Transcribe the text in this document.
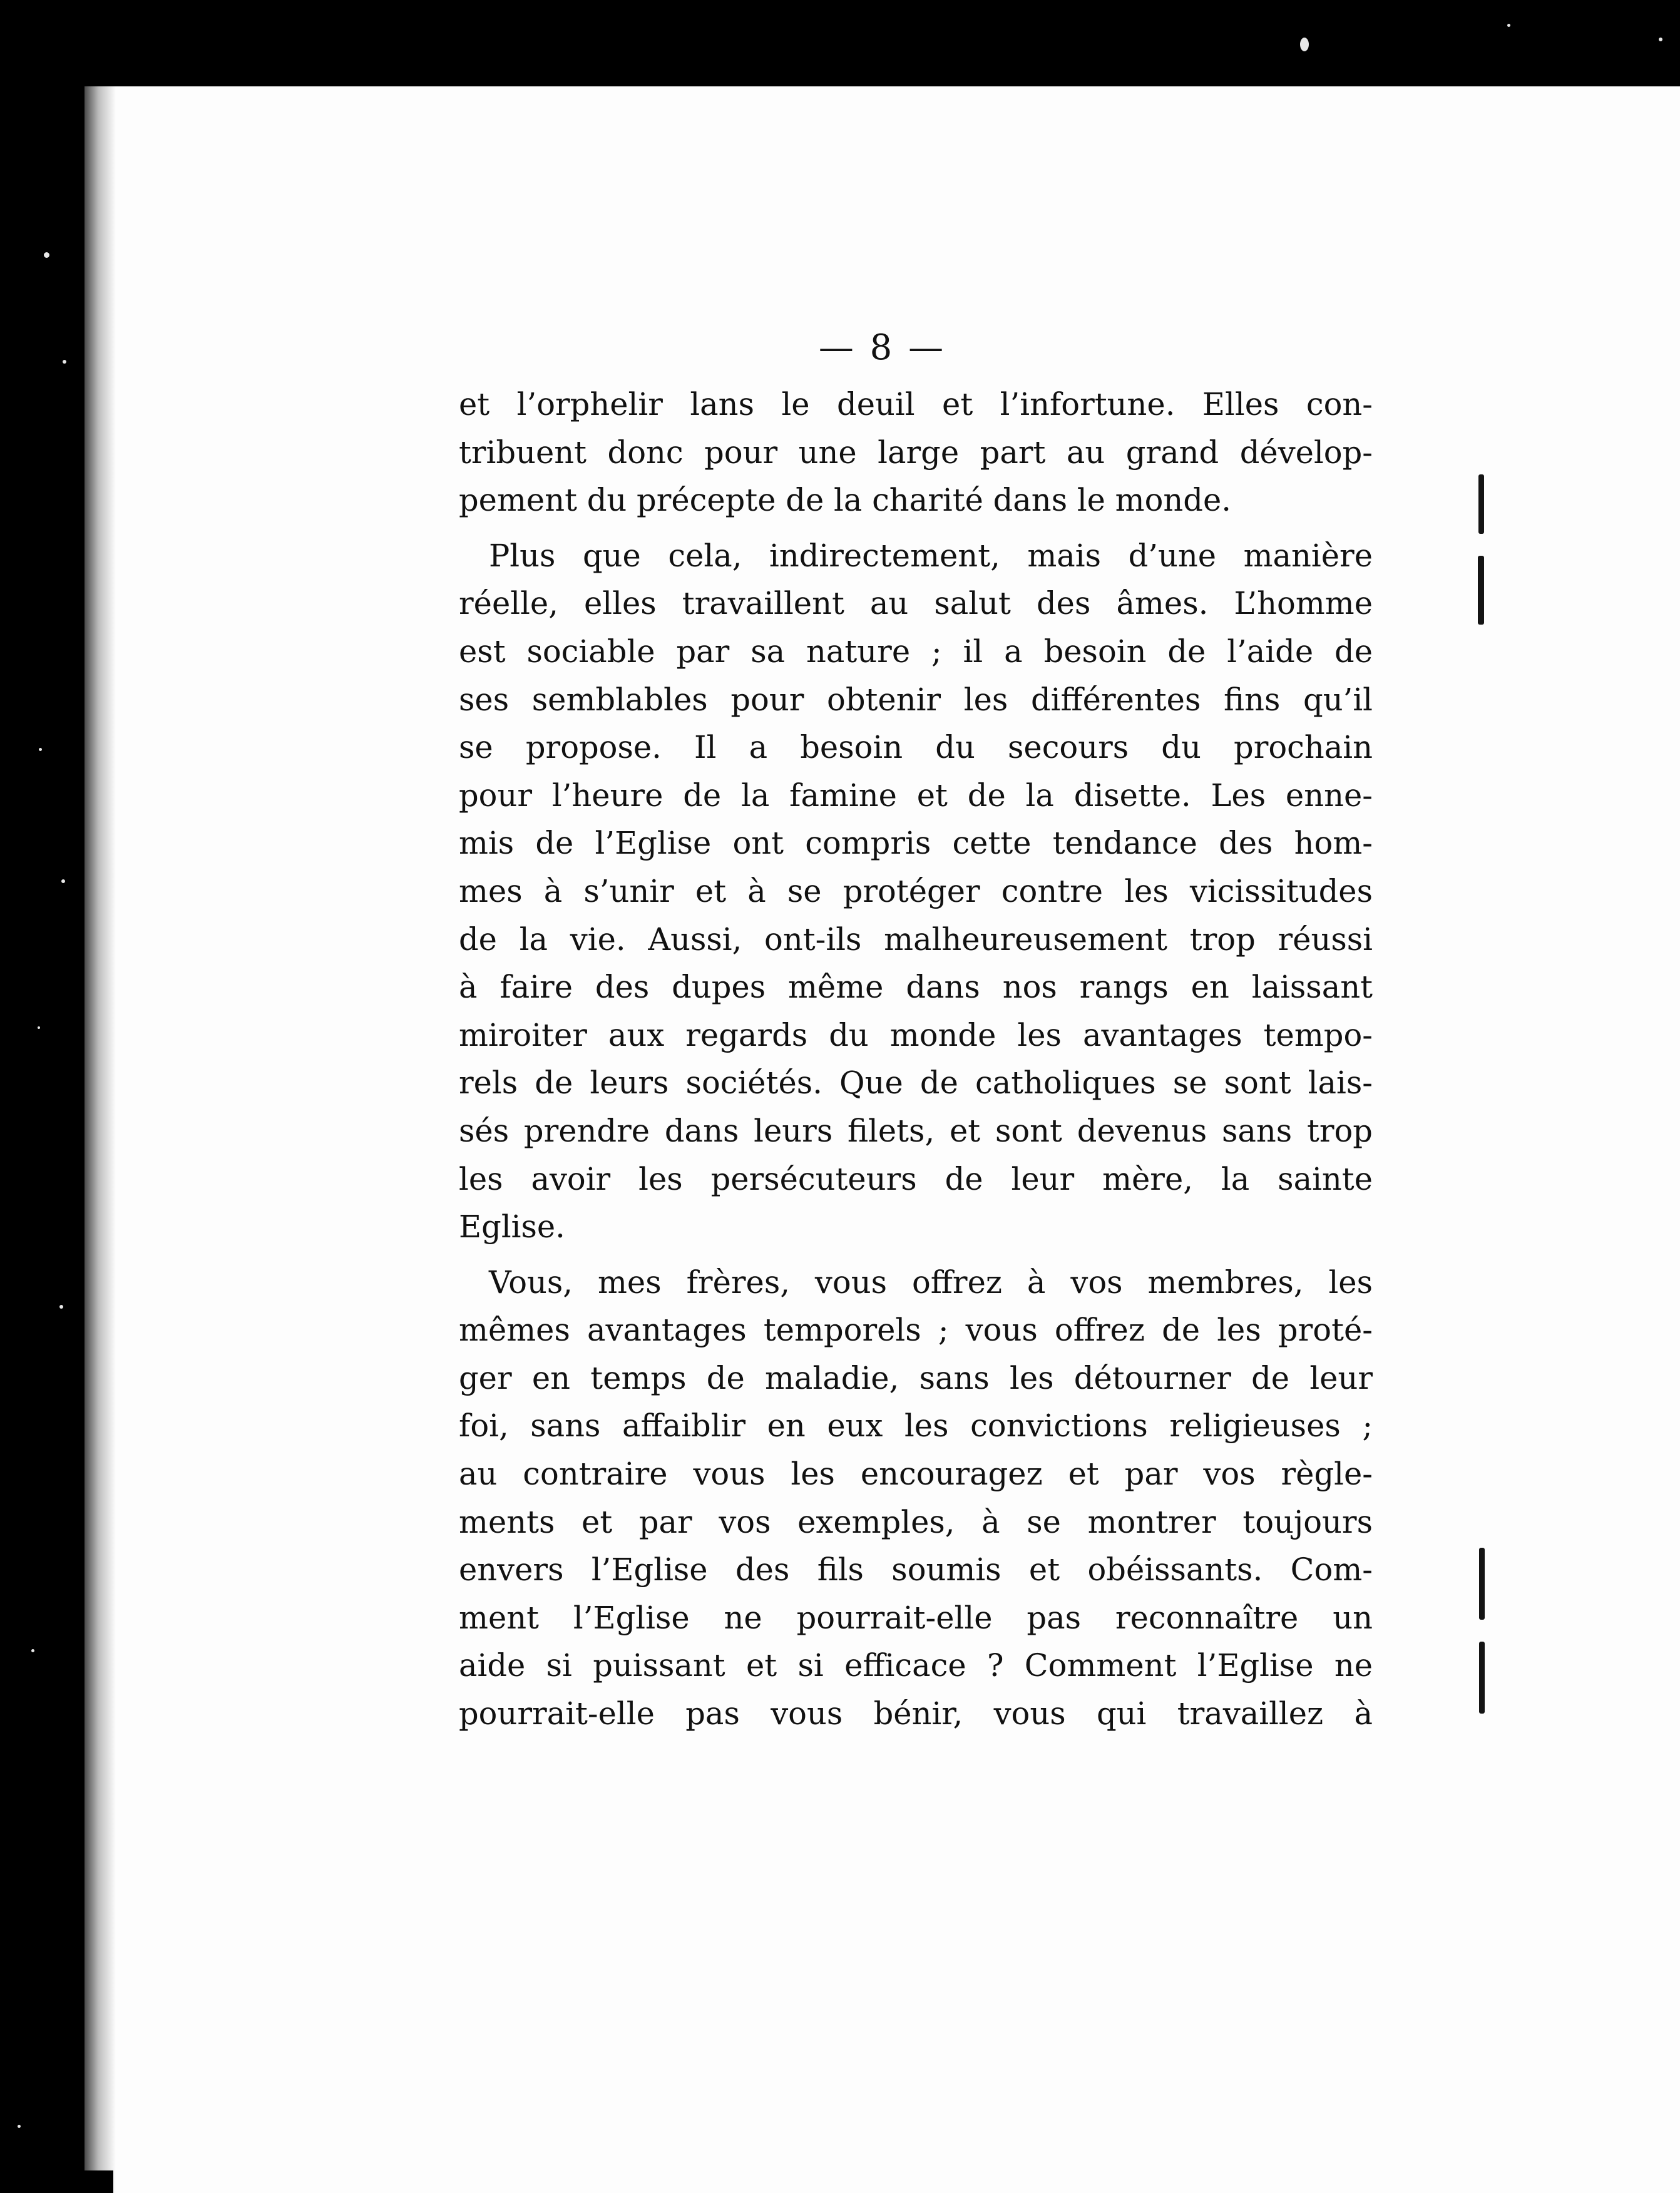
— 8 —
et l’orphelir lans le deuil et l’infortune. Elles con-
tribuent donc pour une large part au grand dévelop-
pement du précepte de la charité dans le monde.
Plus que cela, indirectement, mais d’une manière
réelle, elles travaillent au salut des âmes. L’homme
est sociable par sa nature ; il a besoin de l’aide de
ses semblables pour obtenir les différentes fins qu’il
se propose. Il a besoin du secours du prochain
pour l’heure de la famine et de la disette. Les enne-
mis de l’Eglise ont compris cette tendance des hom-
mes à s’unir et à se protéger contre les vicissitudes
de la vie. Aussi, ont-ils malheureusement trop réussi
à faire des dupes même dans nos rangs en laissant
miroiter aux regards du monde les avantages tempo-
rels de leurs sociétés. Que de catholiques se sont lais-
sés prendre dans leurs filets, et sont devenus sans trop
les avoir les persécuteurs de leur mère, la sainte
Eglise.
Vous, mes frères, vous offrez à vos membres, les
mêmes avantages temporels ; vous offrez de les proté-
ger en temps de maladie, sans les détourner de leur
foi, sans affaiblir en eux les convictions religieuses ;
au contraire vous les encouragez et par vos règle-
ments et par vos exemples, à se montrer toujours
envers l’Eglise des fils soumis et obéissants. Com-
ment l’Eglise ne pourrait-elle pas reconnaître un
aide si puissant et si efficace ? Comment l’Eglise ne
pourrait-elle pas vous bénir, vous qui travaillez à
